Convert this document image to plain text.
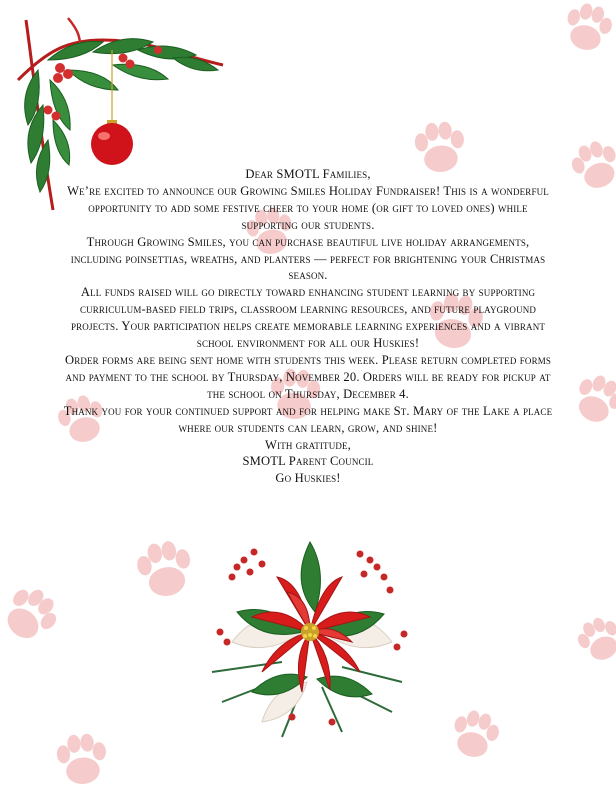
Dear SMOTL Families,

We’re excited to announce our Growing Smiles Holiday Fundraiser! This is a wonderful opportunity to add some festive cheer to your home (or gift to loved ones) while supporting our students.

Through Growing Smiles, you can purchase beautiful live holiday arrangements, including poinsettias, wreaths, and planters — perfect for brightening your Christmas season.

All funds raised will go directly toward enhancing student learning by supporting curriculum-based field trips, classroom learning resources, and future playground projects. Your participation helps create memorable learning experiences and a vibrant school environment for all our Huskies!

Order forms are being sent home with students this week. Please return completed forms and payment to the school by Thursday, November 20. Orders will be ready for pickup at the school on Thursday, December 4.

Thank you for your continued support and for helping make St. Mary of the Lake a place where our students can learn, grow, and shine!

With gratitude,

SMOTL Parent Council

Go Huskies!
